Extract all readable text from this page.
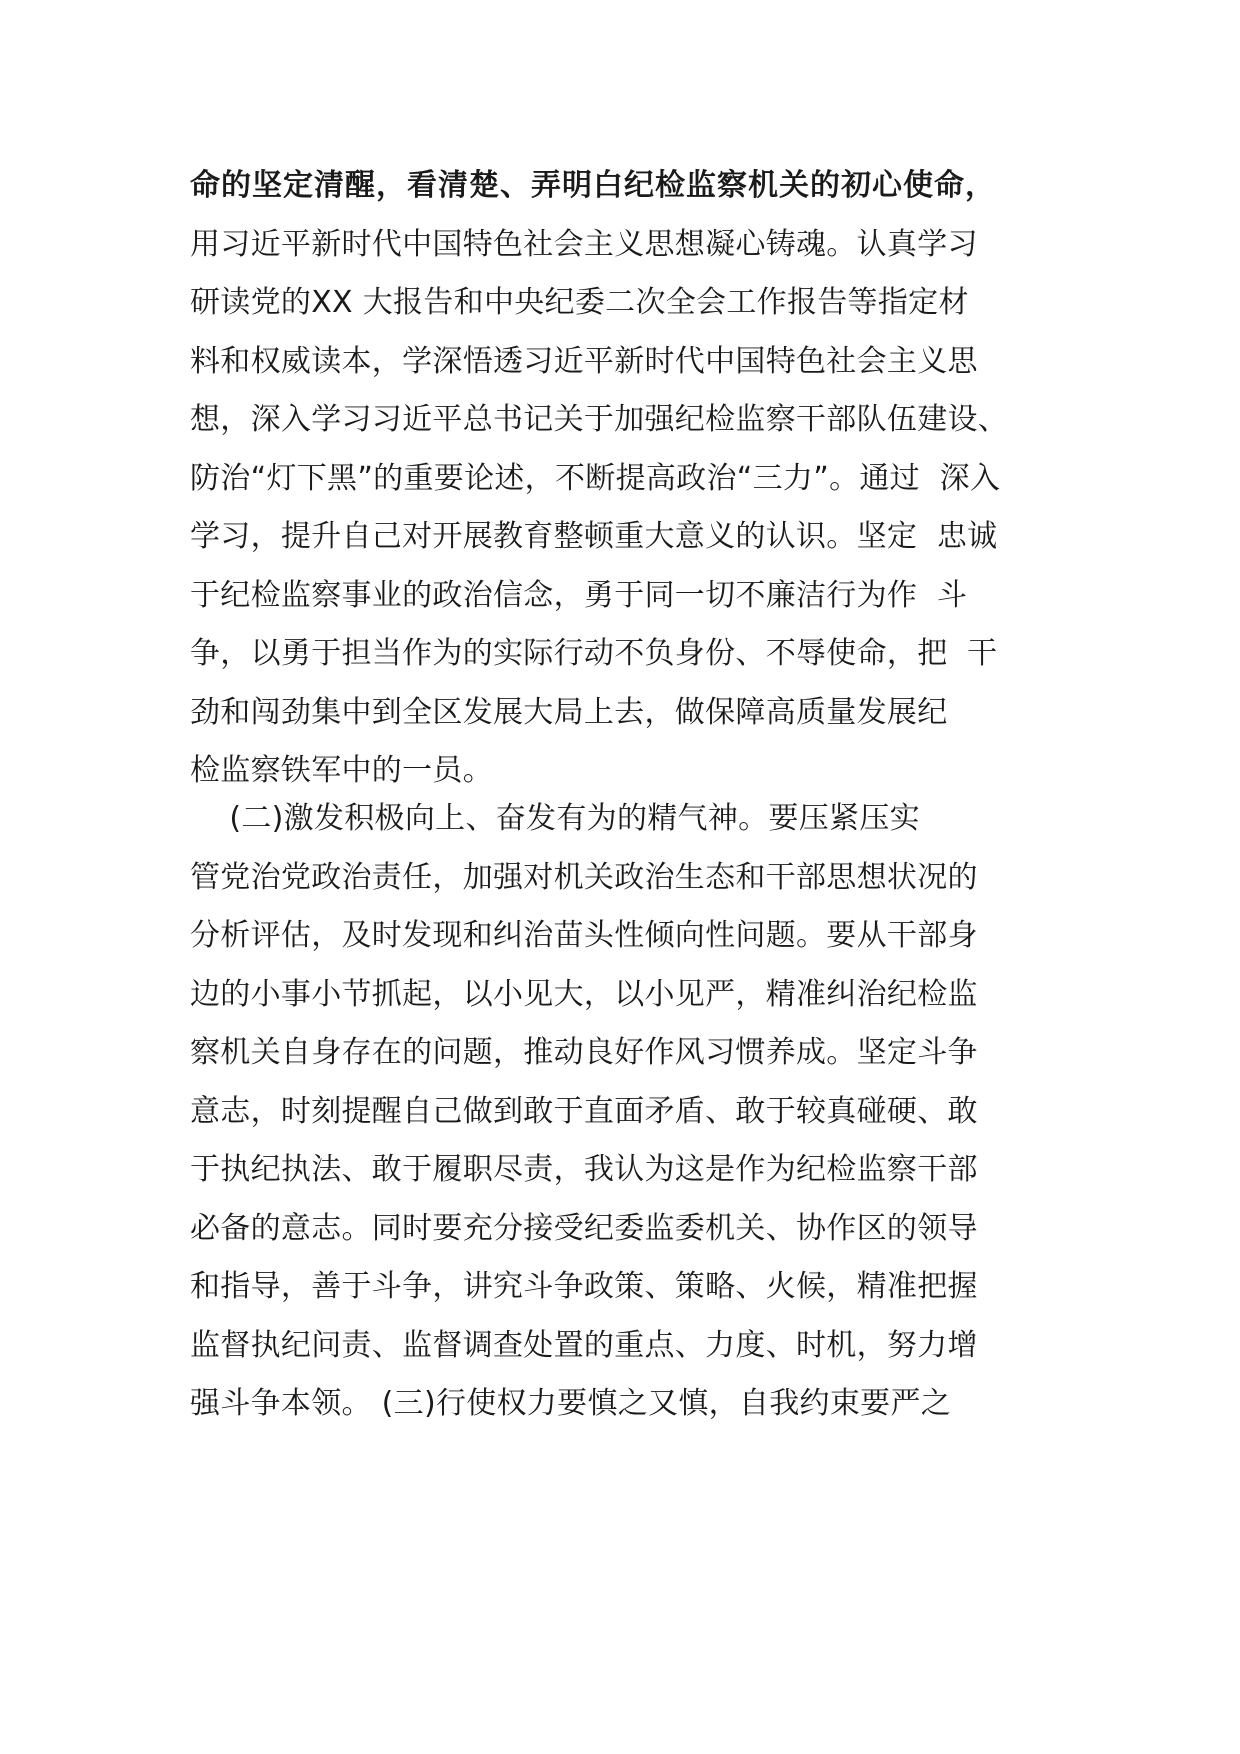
命的坚定清醒，看清楚、弄明白纪检监察机关的初心使命，
用习近平新时代中国特色社会主义思想凝心铸魂。认真学习
研读党的XX 大报告和中央纪委二次全会工作报告等指定材
料和权威读本，学深悟透习近平新时代中国特色社会主义思
想，深入学习习近平总书记关于加强纪检监察干部队伍建设、
防治“灯下黑”的重要论述，不断提高政治“三力”。通过  深入
学习，提升自己对开展教育整顿重大意义的认识。坚定  忠诚
于纪检监察事业的政治信念，勇于同一切不廉洁行为作  斗
争，以勇于担当作为的实际行动不负身份、不辱使命，把  干
劲和闯劲集中到全区发展大局上去，做保障高质量发展纪
检监察铁军中的一员。
(二)激发积极向上、奋发有为的精气神。要压紧压实
管党治党政治责任，加强对机关政治生态和干部思想状况的
分析评估，及时发现和纠治苗头性倾向性问题。要从干部身
边的小事小节抓起，以小见大，以小见严，精准纠治纪检监
察机关自身存在的问题，推动良好作风习惯养成。坚定斗争
意志，时刻提醒自己做到敢于直面矛盾、敢于较真碰硬、敢
于执纪执法、敢于履职尽责，我认为这是作为纪检监察干部
必备的意志。同时要充分接受纪委监委机关、协作区的领导
和指导，善于斗争，讲究斗争政策、策略、火候，精准把握
监督执纪问责、监督调查处置的重点、力度、时机，努力增
强斗争本领。 (三)行使权力要慎之又慎，自我约束要严之
